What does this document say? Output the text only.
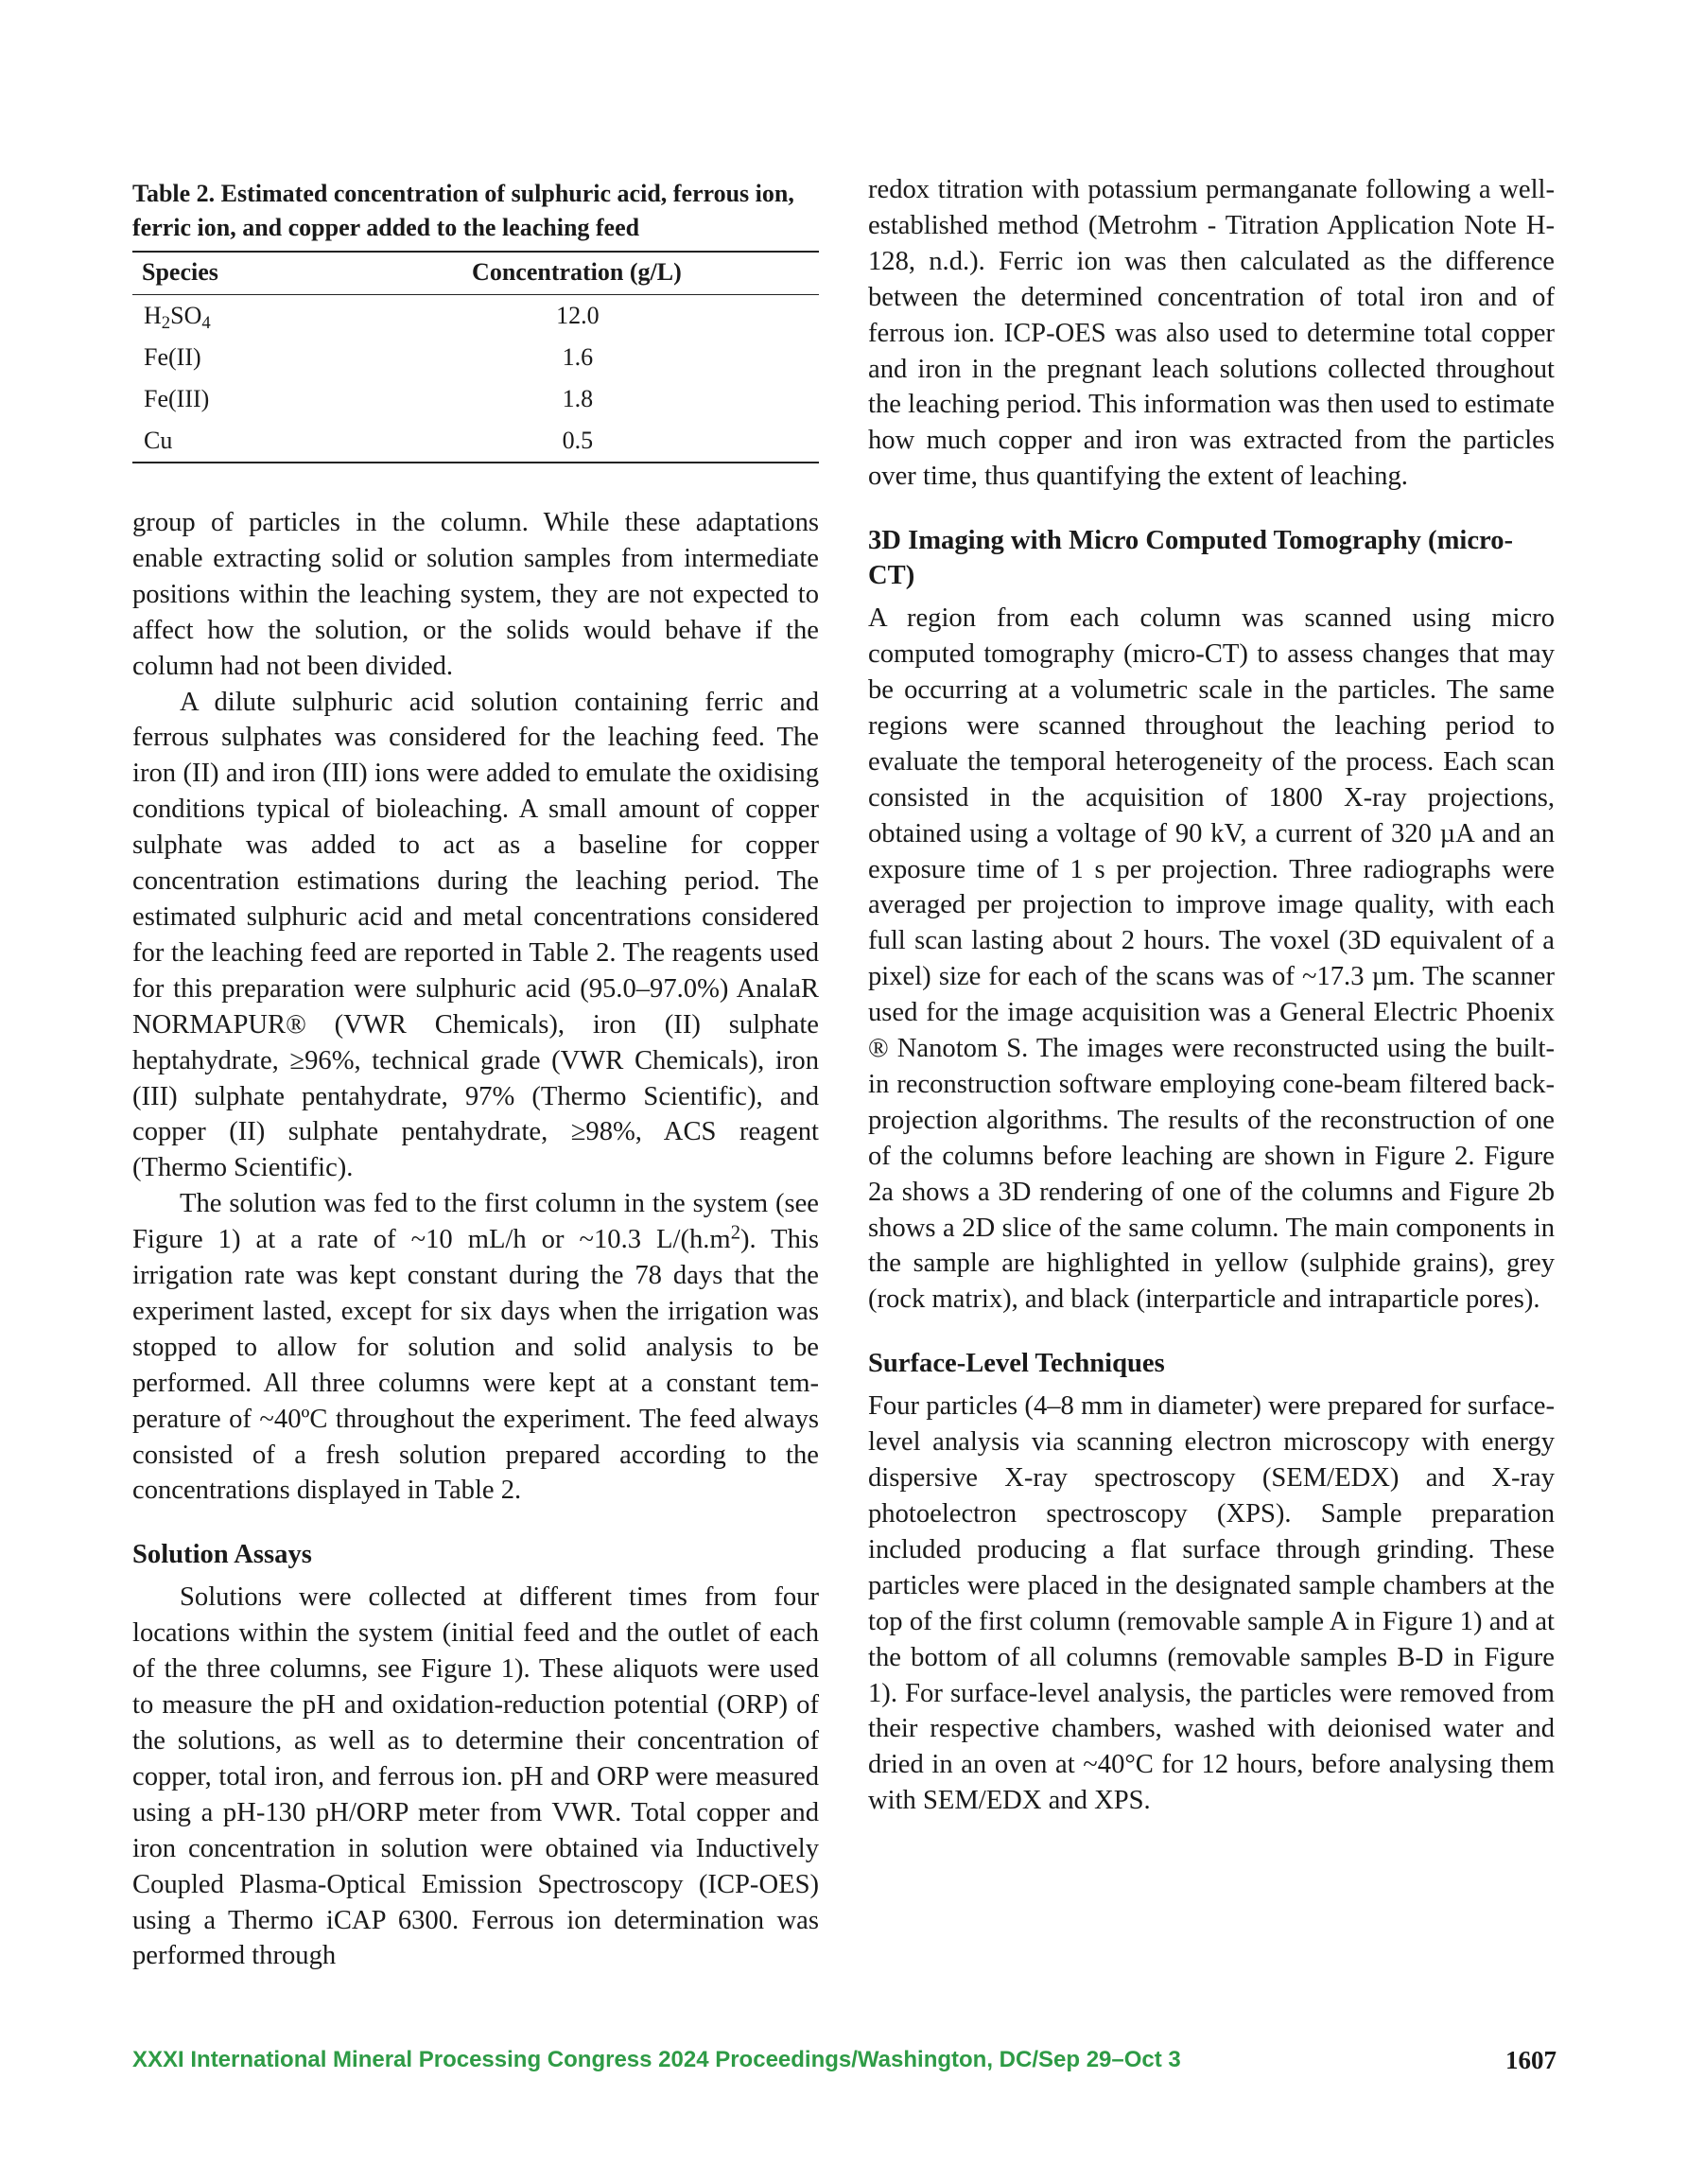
Table 2. Estimated concentration of sulphuric acid, ferrous ion, ferric ion, and copper added to the leaching feed
Species	Concentration (g/L)
$H_2SO_4$	12.0
Fe(II)	1.6
Fe(III)	1.8
Cu	0.5

group of particles in the column. While these adaptations enable extracting solid or solution samples from intermediate positions within the leaching system, they are not expected to affect how the solution, or the solids would behave if the column had not been divided.

A dilute sulphuric acid solution containing ferric and ferrous sulphates was considered for the leaching feed. The iron (II) and iron (III) ions were added to emulate the oxidising conditions typical of bioleaching. A small amount of copper sulphate was added to act as a baseline for copper concentration estimations during the leaching period. The estimated sulphuric acid and metal concentrations considered for the leaching feed are reported in Table 2. The reagents used for this preparation were sulphuric acid (95.0–97.0%) AnalaR NORMAPUR® (VWR Chemicals), iron (II) sulphate heptahydrate, ≥96%, technical grade (VWR Chemicals), iron (III) sulphate pentahydrate, 97% (Thermo Scientific), and copper (II) sulphate pentahydrate, ≥98%, ACS reagent (Thermo Scientific).

The solution was fed to the first column in the system (see Figure 1) at a rate of ~10 mL/h or ~10.3 $L/(h.m^2)$. This irrigation rate was kept constant during the 78 days that the experiment lasted, except for six days when the irrigation was stopped to allow for solution and solid analysis to be performed. All three columns were kept at a constant temperature of ~40ºC throughout the experiment. The feed always consisted of a fresh solution prepared according to the concentrations displayed in Table 2.

Solution Assays

Solutions were collected at different times from four locations within the system (initial feed and the outlet of each of the three columns, see Figure 1). These aliquots were used to measure the pH and oxidation-reduction potential (ORP) of the solutions, as well as to determine their concentration of copper, total iron, and ferrous ion. pH and ORP were measured using a pH-130 pH/ORP meter from VWR. Total copper and iron concentration in solution were obtained via Inductively Coupled Plasma-Optical Emission Spectroscopy (ICP-OES) using a Thermo iCAP 6300. Ferrous ion determination was performed through

redox titration with potassium permanganate following a well-established method (Metrohm - Titration Application Note H-128, n.d.). Ferric ion was then calculated as the difference between the determined concentration of total iron and of ferrous ion. ICP-OES was also used to determine total copper and iron in the pregnant leach solutions collected throughout the leaching period. This information was then used to estimate how much copper and iron was extracted from the particles over time, thus quantifying the extent of leaching.

3D Imaging with Micro Computed Tomography (micro-CT)

A region from each column was scanned using micro computed tomography (micro-CT) to assess changes that may be occurring at a volumetric scale in the particles. The same regions were scanned throughout the leaching period to evaluate the temporal heterogeneity of the process. Each scan consisted in the acquisition of 1800 X-ray projections, obtained using a voltage of 90 kV, a current of 320 µA and an exposure time of 1 s per projection. Three radiographs were averaged per projection to improve image quality, with each full scan lasting about 2 hours. The voxel (3D equivalent of a pixel) size for each of the scans was of ~17.3 µm. The scanner used for the image acquisition was a General Electric Phoenix ® Nanotom S. The images were reconstructed using the built-in reconstruction software employing cone-beam filtered back-projection algorithms. The results of the reconstruction of one of the columns before leaching are shown in Figure 2. Figure 2a shows a 3D rendering of one of the columns and Figure 2b shows a 2D slice of the same column. The main components in the sample are highlighted in yellow (sulphide grains), grey (rock matrix), and black (interparticle and intraparticle pores).

Surface-Level Techniques

Four particles (4–8 mm in diameter) were prepared for surface-level analysis via scanning electron microscopy with energy dispersive X-ray spectroscopy (SEM/EDX) and X-ray photoelectron spectroscopy (XPS). Sample preparation included producing a flat surface through grinding. These particles were placed in the designated sample chambers at the top of the first column (removable sample A in Figure 1) and at the bottom of all columns (removable samples B-D in Figure 1). For surface-level analysis, the particles were removed from their respective chambers, washed with deionised water and dried in an oven at ~40°C for 12 hours, before analysing them with SEM/EDX and XPS.

XXXI International Mineral Processing Congress 2024 Proceedings/Washington, DC/Sep 29–Oct 3	1607
